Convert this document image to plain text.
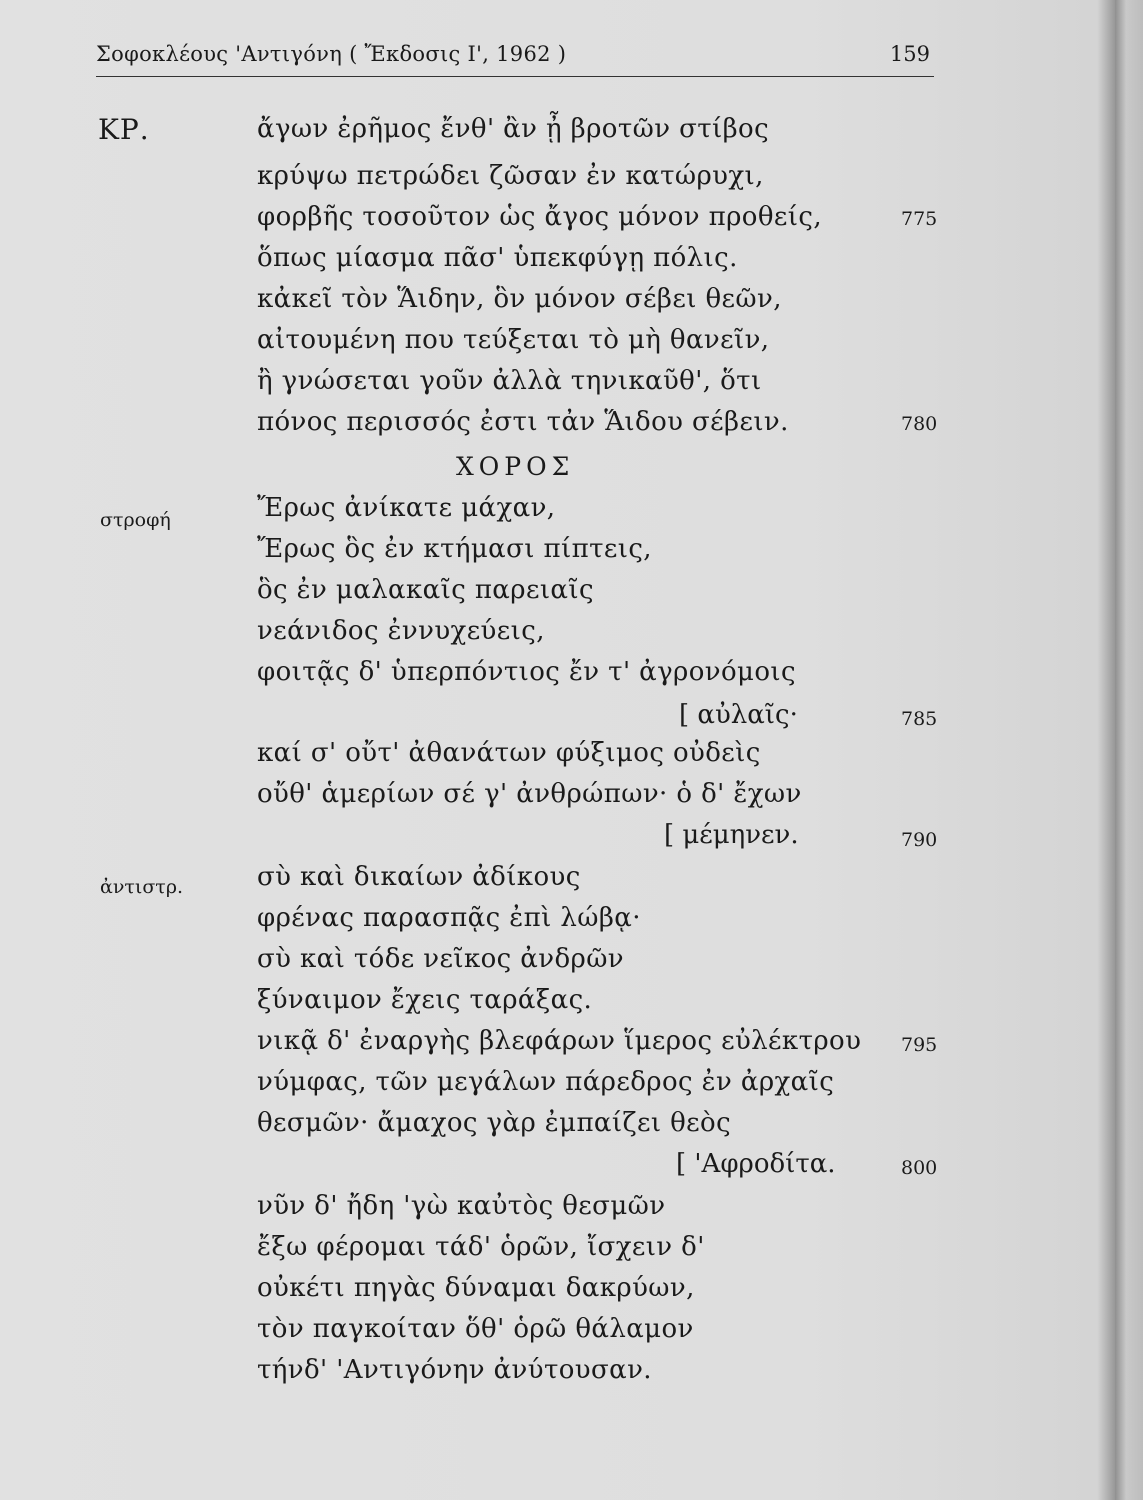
Σοφοκλέους 'Αντιγόνη ( Ἔκδοσις Ι', 1962 )	159
ΚΡ.	ἄγων ἐρῆμος ἔνθ' ἂν ᾖ βροτῶν στίβος
κρύψω πετρώδει ζῶσαν ἐν κατώρυχι,
φορβῆς τοσοῦτον ὡς ἄγος μόνον προθείς,	775
ὅπως μίασμα πᾶσ' ὑπεκφύγῃ πόλις.
κἀκεῖ τὸν Ἅιδην, ὃν μόνον σέβει θεῶν,
αἰτουμένη που τεύξεται τὸ μὴ θανεῖν,
ἢ γνώσεται γοῦν ἀλλὰ τηνικαῦθ', ὅτι
πόνος περισσός ἐστι τἀν Ἅιδου σέβειν.	780
ΧΟΡΟΣ
στροφή	Ἔρως ἀνίκατε μάχαν,
Ἔρως ὃς ἐν κτήμασι πίπτεις,
ὃς ἐν μαλακαῖς παρειαῖς
νεάνιδος ἐννυχεύεις,
φοιτᾷς δ' ὑπερπόντιος ἔν τ' ἀγρονόμοις
[ αὐλαῖς·	785
καί σ' οὔτ' ἀθανάτων φύξιμος οὐδεὶς
οὔθ' ἁμερίων σέ γ' ἀνθρώπων· ὁ δ' ἔχων
[ μέμηνεν.	790
ἀντιστρ.	σὺ καὶ δικαίων ἀδίκους
φρένας παρασπᾷς ἐπὶ λώβᾳ·
σὺ καὶ τόδε νεῖκος ἀνδρῶν
ξύναιμον ἔχεις ταράξας.
νικᾷ δ' ἐναργὴς βλεφάρων ἵμερος εὐλέκτρου 795
νύμφας, τῶν μεγάλων πάρεδρος ἐν ἀρχαῖς
θεσμῶν· ἄμαχος γὰρ ἐμπαίζει θεὸς
[ 'Αφροδίτα.	800
νῦν δ' ἤδη 'γὼ καὐτὸς θεσμῶν
ἔξω φέρομαι τάδ' ὁρῶν, ἴσχειν δ'
οὐκέτι πηγὰς δύναμαι δακρύων,
τὸν παγκοίταν ὅθ' ὁρῶ θάλαμον
τήνδ' 'Αντιγόνην ἀνύτουσαν.
